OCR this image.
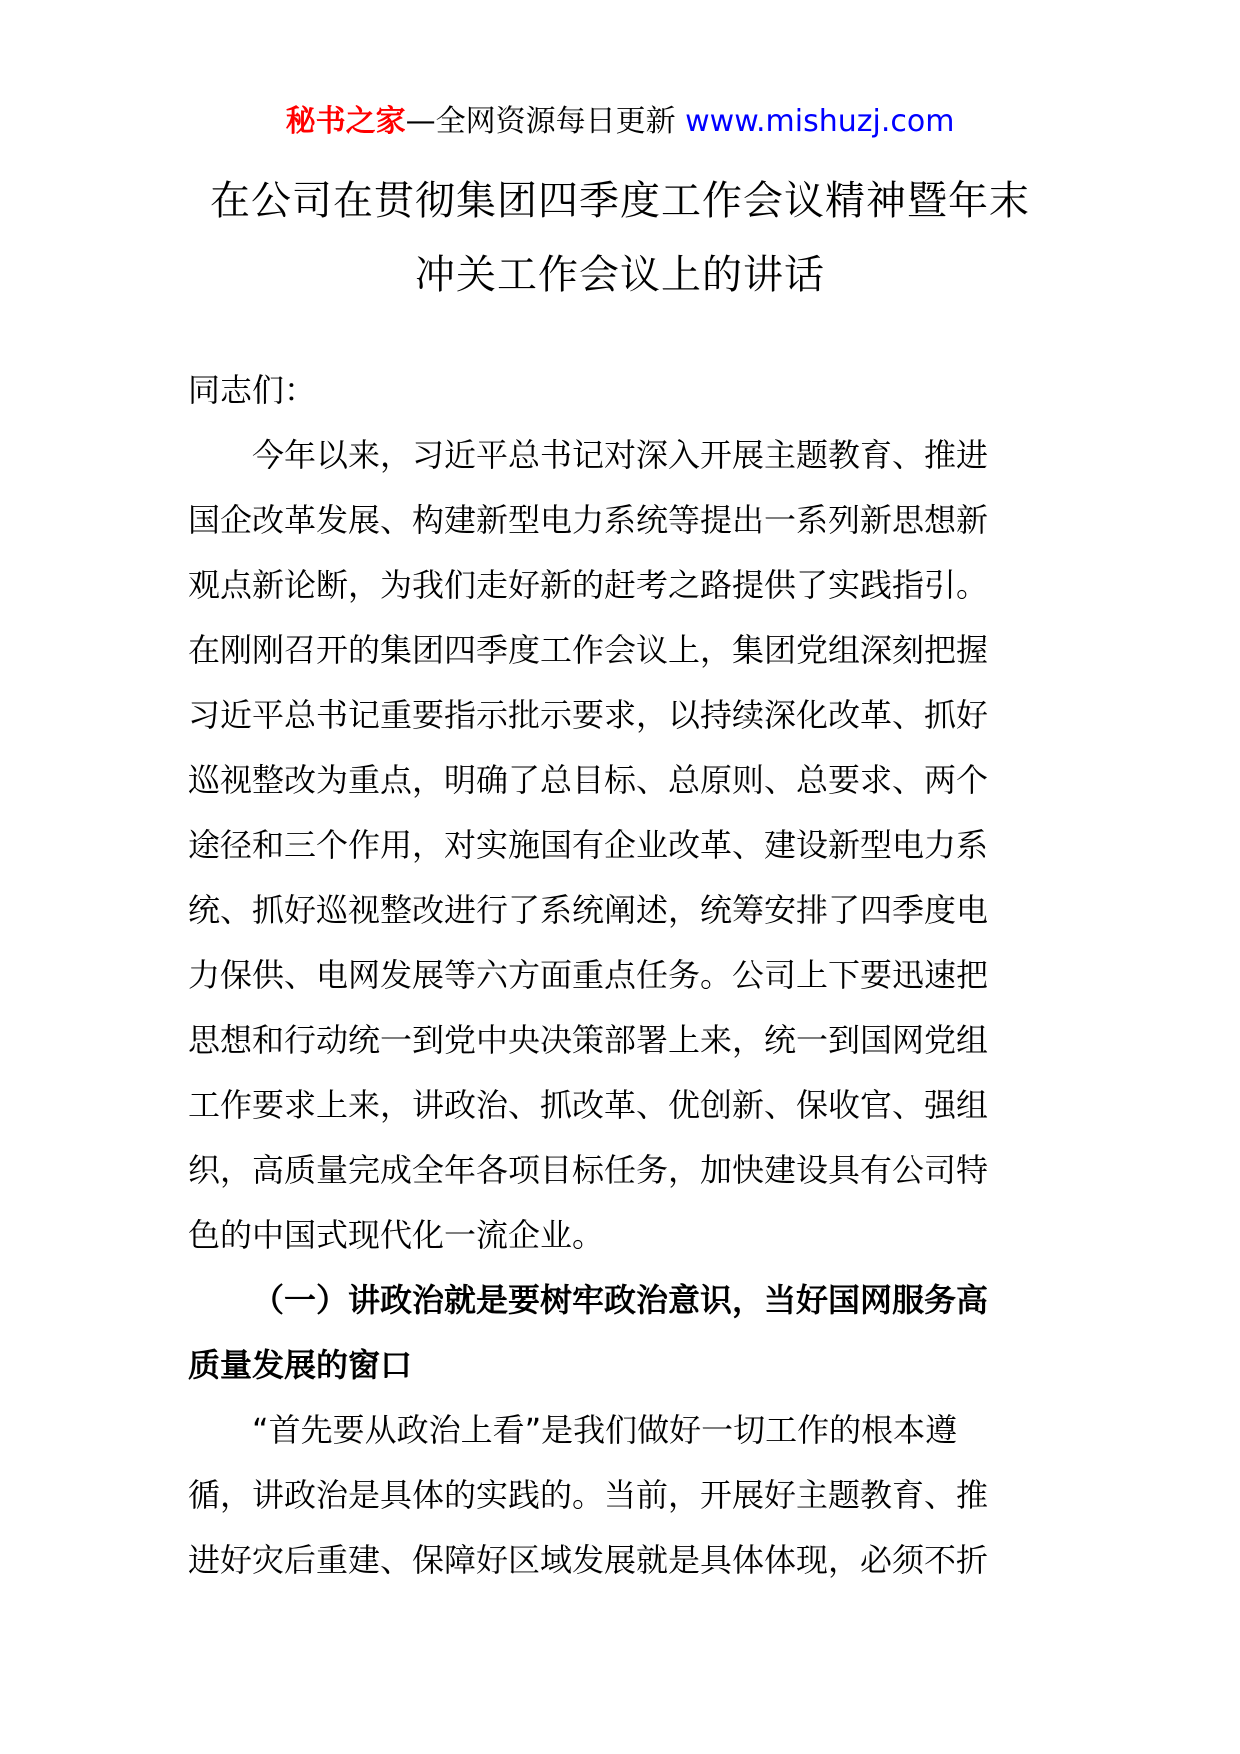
秘书之家—全网资源每日更新 www.mishuzj.com
在公司在贯彻集团四季度工作会议精神暨年末
冲关工作会议上的讲话
同志们：
今年以来，习近平总书记对深入开展主题教育、推进
国企改革发展、构建新型电力系统等提出一系列新思想新
观点新论断，为我们走好新的赶考之路提供了实践指引。
在刚刚召开的集团四季度工作会议上，集团党组深刻把握
习近平总书记重要指示批示要求，以持续深化改革、抓好
巡视整改为重点，明确了总目标、总原则、总要求、两个
途径和三个作用，对实施国有企业改革、建设新型电力系
统、抓好巡视整改进行了系统阐述，统筹安排了四季度电
力保供、电网发展等六方面重点任务。公司上下要迅速把
思想和行动统一到党中央决策部署上来，统一到国网党组
工作要求上来，讲政治、抓改革、优创新、保收官、强组
织，高质量完成全年各项目标任务，加快建设具有公司特
色的中国式现代化一流企业。
（一）讲政治就是要树牢政治意识，当好国网服务高
质量发展的窗口
“首先要从政治上看”是我们做好一切工作的根本遵
循，讲政治是具体的实践的。当前，开展好主题教育、推
进好灾后重建、保障好区域发展就是具体体现，必须不折
